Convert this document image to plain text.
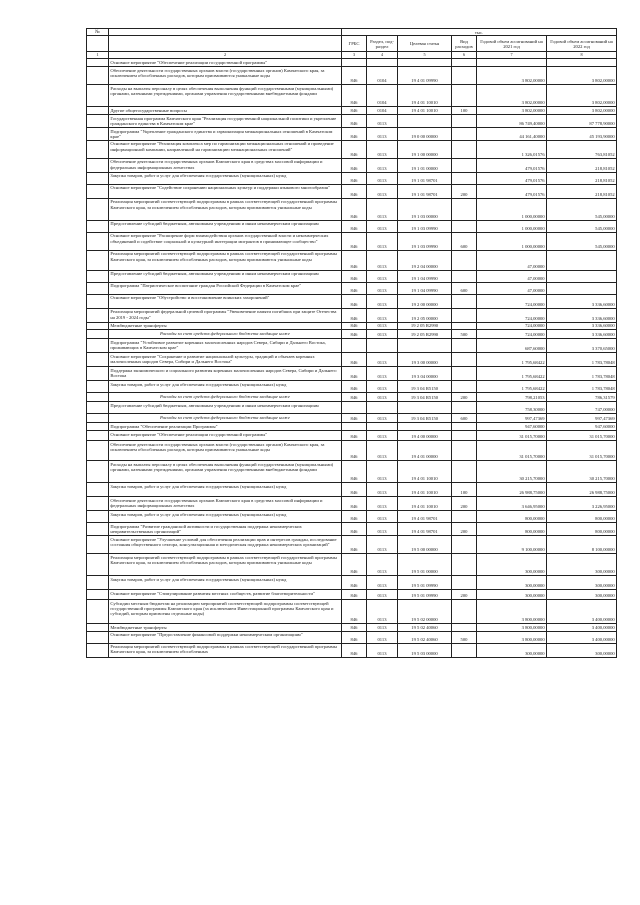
№		тыс.					
		ГРБС	Раздел, под-раздел	Целевая статья	Вид расходов	Годовой объем ассигнований на 2021 год	Годовой объем ассигнований на 2022 год
1	2	3	4	5	6	7	8
	Основное мероприятие "Обеспечение реализации государственной программы"						
	Обеспечение деятельности государственных органов власти (государственных органов) Камчатского края, за исключением обособленных расходов, которым присваиваются уникальные коды	846	0104	19 4 01 09990		3 802,00000	3 802,00000
	Расходы на выплаты персоналу в целях обеспечения выполнения функций государственными (муниципальными) органами, казенными учреждениями, органами управления государственными внебюджетными фондами	846	0104	19 4 01 10010		3 802,00000	3 802,00000
	Другие общегосударственные вопросы	846	0104	19 4 01 10010	100	3 802,00000	3 802,00000
	Государственная программа Камчатского края "Реализация государственной национальной политики и укрепление гражданского единства в Камчатском крае"	846	0113			86 749,40000	87 778,90000
	Подпрограмма "Укрепление гражданского единства и гармонизация межнациональных отношений в Камчатском крае"	846	0113	19 0 00 00000		44 161,40000	45 193,90000
	Основное мероприятие "Реализация комплекса мер по гармонизации межнациональных отношений и проведение информационной кампании, направленной на гармонизацию межнациональных отношений"	846	0113	19 1 00 00000		1 326,01576	763,81052
	Обеспечение деятельности государственных органов Камчатского края в средствах массовой информации и федеральных информационных агентствах	846	0113	19 1 01 00000		479,01576	218,81052
	Закупка товаров, работ и услуг для обеспечения государственных (муниципальных) нужд	846	0113	19 1 01 98701		479,01576	218,81052
	Основное мероприятие "Содействие сохранению национальных культур и поддержки языкового многообразия"	846	0113	19 1 01 98701	200	479,01576	218,81052
	Реализация мероприятий соответствующей подпрограммы в рамках соответствующей государственной программы Камчатского края, за исключением обособленных расходов, которым присваиваются уникальные коды	846	0113	19 1 03 00000		1 000,00000	545,00000
	Предоставление субсидий бюджетным, автономным учреждениям и иным некоммерческим организациям	846	0113	19 1 03 09990		1 000,00000	545,00000
	Основное мероприятие "Расширение форм взаимодействия органов государственной власти и некоммерческих объединений и содействие социальной и культурной интеграции мигрантов в принимающее сообщество"	846	0113	19 1 03 09990	600	1 000,00000	545,00000
	Реализация мероприятий соответствующей подпрограммы в рамках соответствующей государственной программы Камчатского края, за исключением обособленных расходов, которым присваиваются уникальные коды	846	0113	19 2 04 00000		47,00000	
	Предоставление субсидий бюджетным, автономным учреждениям и иным некоммерческим организациям	846	0113	19 1 04 09990		47,00000	
	Подпрограмма "Патриотическое воспитание граждан Российской Федерации в Камчатском крае"	846	0113	19 1 04 09990	600	47,00000	
	Основное мероприятие "Обустройство и восстановление воинских захоронений"	846	0113	19 2 00 00000		724,00000	3 336,60000
	Реализация мероприятий федеральной целевой программы "Увековечение памяти погибших при защите Отечества на 2019 - 2024 годы"	846	0113	19 2 05 00000		724,00000	3 336,60000
	Межбюджетные трансферты	846	0113	19 2 05 R2990		724,00000	3 336,60000
	Расходы за счет средств федерального бюджета входящие ниже	846	0113	19 2 05 R2990	500	724,00000	3 336,60000
	Подпрограмма "Устойчивое развитие коренных малочисленных народов Севера, Сибири и Дальнего Востока, проживающих в Камчатском крае"					687,60000	3 370,65000
	Основное мероприятие "Сохранение и развитие национальной культуры, традиций и обычаев коренных малочисленных народов Севера, Сибири и Дальнего Востока"	846	0113	19 3 00 00000		1 795,68422	1 783,78048
	Поддержка экономического и социального развития коренных малочисленных народов Севера, Сибири и Дальнего Востока	846	0113	19 3 04 00000		1 795,68422	1 783,78048
	Закупка товаров, работ и услуг для обеспечения государственных (муниципальных) нужд	846	0113	19 3 04 R5150		1 795,68422	1 783,78048
	Расходы за счет средств федерального бюджета входящие ниже	846	0113	19 3 04 R5150	200	798,21053	786,31579
	Предоставление субсидий бюджетным, автономным учреждениям и иным некоммерческим организациям					758,30000	747,00000
	Расходы за счет средств федерального бюджета входящие ниже	846	0113	19 3 04 R5150	600	997,47369	997,47369
	Подпрограмма "Обеспечение реализации Программы"					947,60000	947,60000
	Основное мероприятие "Обеспечение реализации государственной программы"	846	0113	19 4 00 00000		31 015,70000	31 015,70000
	Обеспечение деятельности государственных органов власти (государственных органов) Камчатского края, за исключением обособленных расходов, которым присваиваются уникальные коды	846	0113	19 4 01 00000		31 015,70000	31 015,70000
	Расходы на выплаты персоналу в целях обеспечения выполнения функций государственными (муниципальными) органами, казенными учреждениями, органами управления государственными внебюджетными фондами	846	0113	19 4 01 10010		30 215,70000	30 215,70000
	Закупка товаров, работ и услуг для обеспечения государственных (муниципальных) нужд	846	0113	19 4 01 10010	100	26 988,75000	26 988,75000
	Обеспечение деятельности государственных органов Камчатского края в средствах массовой информации и федеральных информационных агентствах	846	0113	19 4 01 10010	200	3 646,95000	3 226,95000
	Закупка товаров, работ и услуг для обеспечения государственных (муниципальных) нужд	846	0113	19 4 01 98701		800,00000	800,00000
	Подпрограмма "Развитие гражданской активности и государственная поддержка некоммерческих неправительственных организаций"	846	0113	19 4 01 98701	200	800,00000	800,00000
	Основное мероприятие "Улучшение условий для обеспечения реализации прав и интересов граждан, исследование состояния общественного сектора, консультационная и методическая поддержка некоммерческих организаций"	846	0113	19 5 00 00000		9 100,00000	8 100,00000
	Реализация мероприятий соответствующей подпрограммы в рамках соответствующей государственной программы Камчатского края, за исключением обособленных расходов, которым присваиваются уникальные коды	846	0113	19 5 01 00000		300,00000	300,00000
	Закупка товаров, работ и услуг для обеспечения государственных (муниципальных) нужд	846	0113	19 5 01 09990		300,00000	300,00000
	Основное мероприятие "Стимулирование развития местных сообществ, развитие благотворительности"	846	0113	19 5 01 09990	200	300,00000	300,00000
	Субсидии местным бюджетам на реализацию мероприятий соответствующей подпрограммы соответствующей государственной программы Камчатского края (за исключением Инвестиционной программы Камчатского края и субсидий, которым присвоены отдельные коды)	846	0113	19 5 02 00000		3 800,00000	3 400,00000
	Межбюджетные трансферты	846	0113	19 5 02 40060		3 800,00000	3 400,00000
	Основное мероприятие "Предоставление финансовой поддержки некоммерческим организациям"	846	0113	19 5 02 40060	500	3 800,00000	3 400,00000
	Реализация мероприятий соответствующей подпрограммы в рамках соответствующей государственной программы Камчатского края, за исключением обособленных	846	0113	19 5 03 00000		300,00000	300,00000
